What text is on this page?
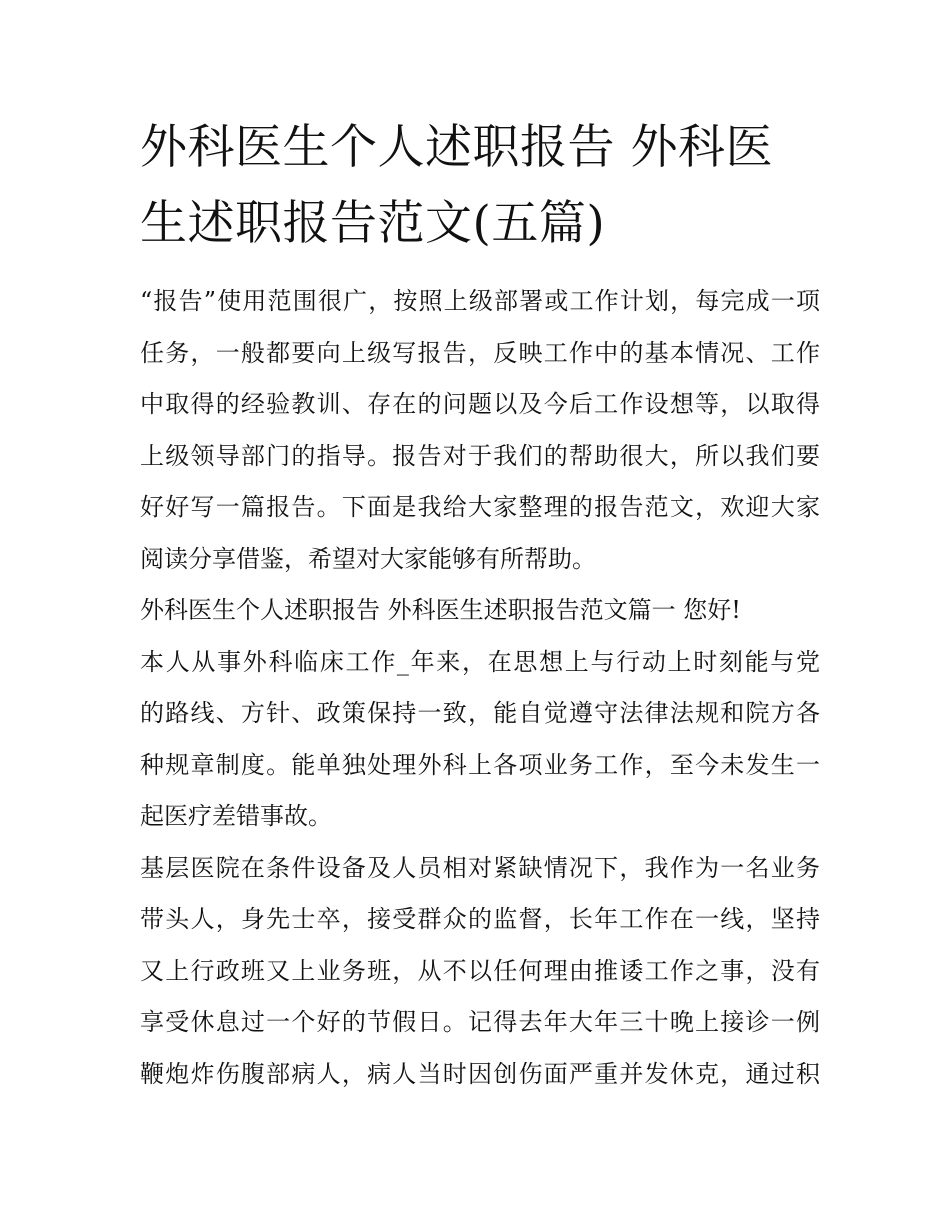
外科医生个人述职报告 外科医
生述职报告范文(五篇)

“报告”使用范围很广，按照上级部署或工作计划，每完成一项
任务，一般都要向上级写报告，反映工作中的基本情况、工作
中取得的经验教训、存在的问题以及今后工作设想等，以取得
上级领导部门的指导。报告对于我们的帮助很大，所以我们要
好好写一篇报告。下面是我给大家整理的报告范文，欢迎大家
阅读分享借鉴，希望对大家能够有所帮助。

外科医生个人述职报告 外科医生述职报告范文篇一 您好!

本人从事外科临床工作_年来，在思想上与行动上时刻能与党
的路线、方针、政策保持一致，能自觉遵守法律法规和院方各
种规章制度。能单独处理外科上各项业务工作，至今未发生一
起医疗差错事故。

基层医院在条件设备及人员相对紧缺情况下，我作为一名业务
带头人，身先士卒，接受群众的监督，长年工作在一线，坚持
又上行政班又上业务班，从不以任何理由推诿工作之事，没有
享受休息过一个好的节假日。记得去年大年三十晚上接诊一例
鞭炮炸伤腹部病人，病人当时因创伤面严重并发休克，通过积
